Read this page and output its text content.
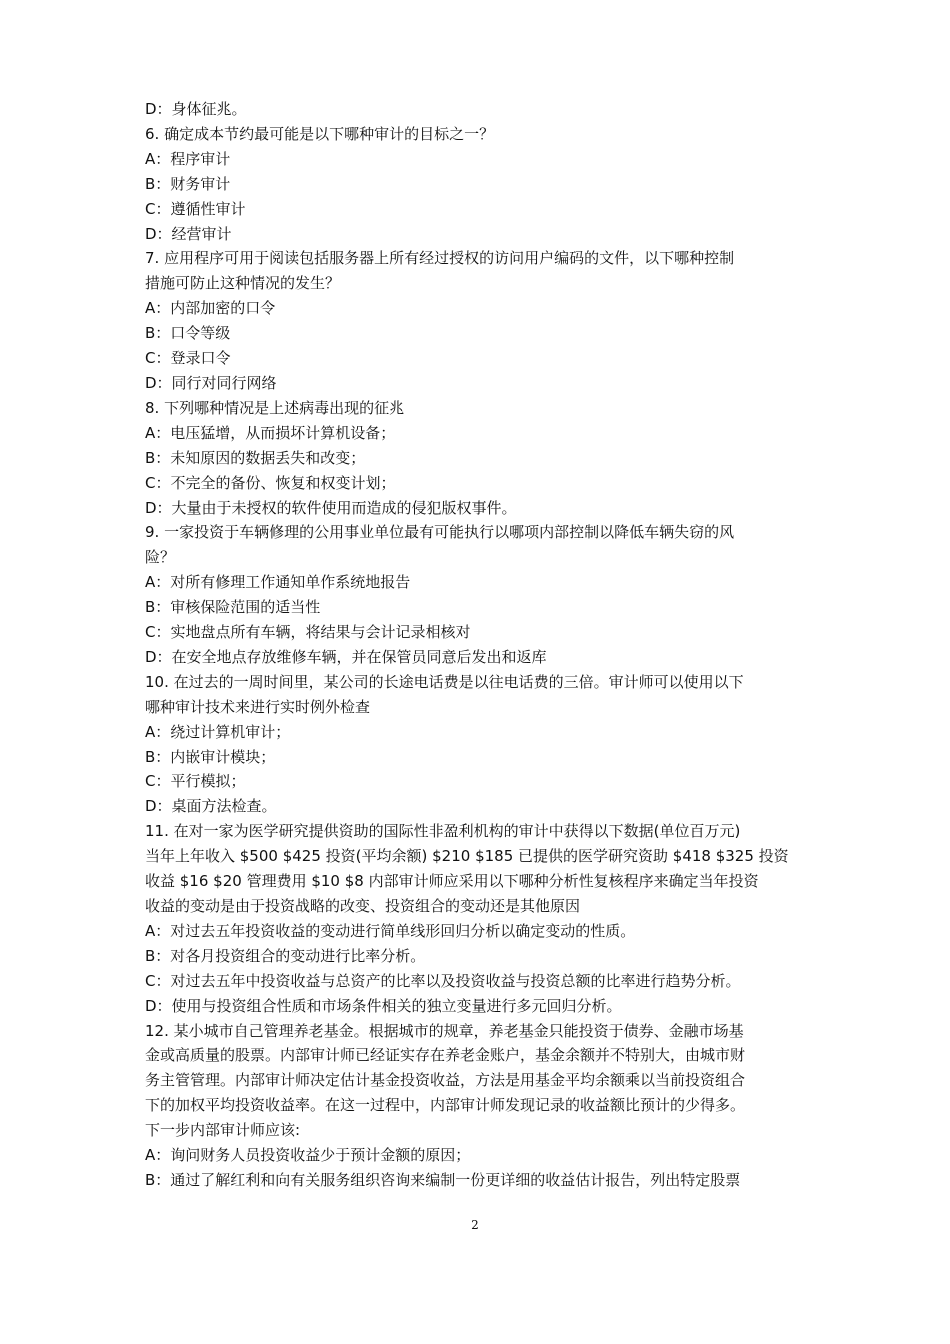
D：身体征兆。
6. 确定成本节约最可能是以下哪种审计的目标之一？
A：程序审计
B：财务审计
C：遵循性审计
D：经营审计
7. 应用程序可用于阅读包括服务器上所有经过授权的访问用户编码的文件，以下哪种控制
措施可防止这种情况的发生？
A：内部加密的口令
B：口令等级
C：登录口令
D：同行对同行网络
8. 下列哪种情况是上述病毒出现的征兆
A：电压猛增，从而损坏计算机设备；
B：未知原因的数据丢失和改变；
C：不完全的备份、恢复和权变计划；
D：大量由于未授权的软件使用而造成的侵犯版权事件。
9. 一家投资于车辆修理的公用事业单位最有可能执行以哪项内部控制以降低车辆失窃的风
险？
A：对所有修理工作通知单作系统地报告
B：审核保险范围的适当性
C：实地盘点所有车辆，将结果与会计记录相核对
D：在安全地点存放维修车辆，并在保管员同意后发出和返库
10. 在过去的一周时间里，某公司的长途电话费是以往电话费的三倍。审计师可以使用以下
哪种审计技术来进行实时例外检查
A：绕过计算机审计；
B：内嵌审计模块；
C：平行模拟；
D：桌面方法检查。
11. 在对一家为医学研究提供资助的国际性非盈利机构的审计中获得以下数据(单位百万元)
当年上年收入 $500 $425 投资(平均余额) $210 $185 已提供的医学研究资助 $418 $325 投资
收益 $16 $20 管理费用 $10 $8 内部审计师应采用以下哪种分析性复核程序来确定当年投资
收益的变动是由于投资战略的改变、投资组合的变动还是其他原因
A：对过去五年投资收益的变动进行简单线形回归分析以确定变动的性质。
B：对各月投资组合的变动进行比率分析。
C：对过去五年中投资收益与总资产的比率以及投资收益与投资总额的比率进行趋势分析。
D：使用与投资组合性质和市场条件相关的独立变量进行多元回归分析。
12. 某小城市自己管理养老基金。根据城市的规章，养老基金只能投资于债券、金融市场基
金或高质量的股票。内部审计师已经证实存在养老金账户，基金余额并不特别大，由城市财
务主管管理。内部审计师决定估计基金投资收益，方法是用基金平均余额乘以当前投资组合
下的加权平均投资收益率。在这一过程中，内部审计师发现记录的收益额比预计的少得多。
下一步内部审计师应该:
A：询问财务人员投资收益少于预计金额的原因；
B：通过了解红利和向有关服务组织咨询来编制一份更详细的收益估计报告，列出特定股票
2
